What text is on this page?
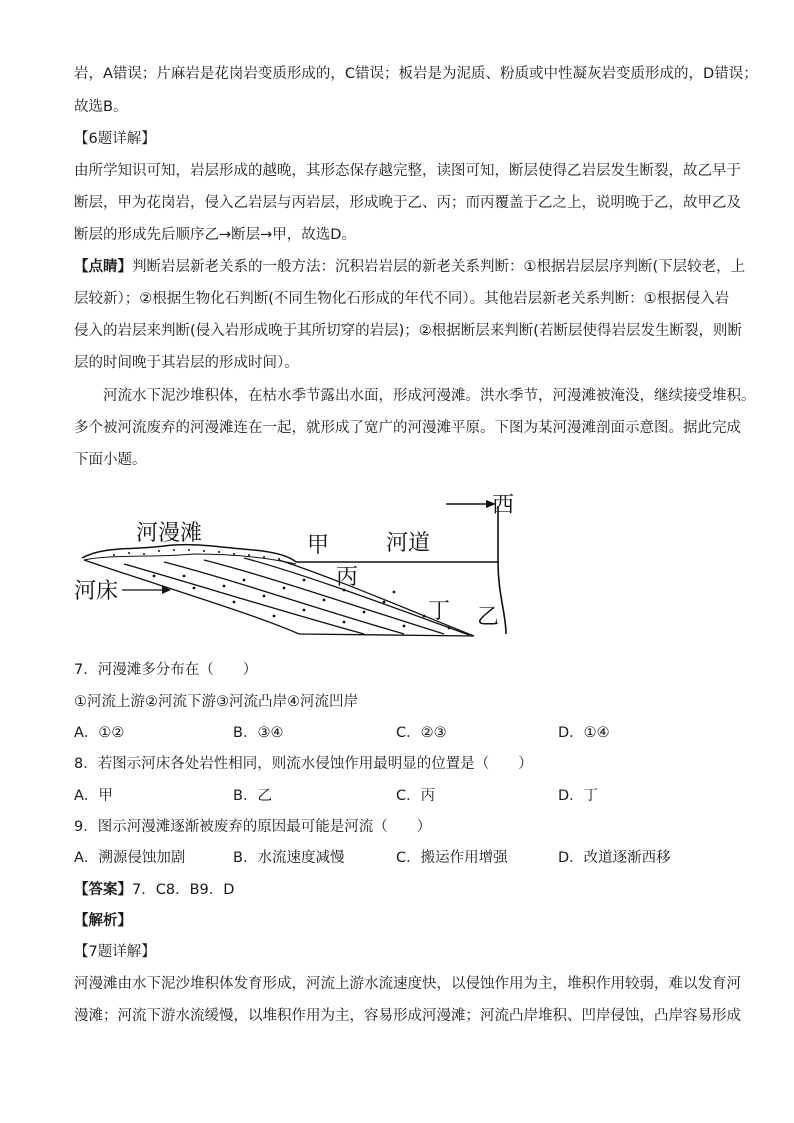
岩，A错误；片麻岩是花岗岩变质形成的，C错误；板岩是为泥质、粉质或中性凝灰岩变质形成的，D错误；
故选B。
【6题详解】
由所学知识可知，岩层形成的越晚，其形态保存越完整，读图可知，断层使得乙岩层发生断裂，故乙早于
断层，甲为花岗岩，侵入乙岩层与丙岩层，形成晚于乙、丙；而丙覆盖于乙之上，说明晚于乙，故甲乙及
断层的形成先后顺序乙→断层→甲，故选D。
【点睛】判断岩层新老关系的一般方法：沉积岩岩层的新老关系判断：①根据岩层层序判断(下层较老，上
层较新）；②根据生物化石判断(不同生物化石形成的年代不同）。其他岩层新老关系判断：①根据侵入岩
侵入的岩层来判断(侵入岩形成晚于其所切穿的岩层)；②根据断层来判断(若断层使得岩层发生断裂，则断
层的时间晚于其岩层的形成时间）。
河流水下泥沙堆积体，在枯水季节露出水面，形成河漫滩。洪水季节，河漫滩被淹没，继续接受堆积。
多个被河流废弃的河漫滩连在一起，就形成了宽广的河漫滩平原。下图为某河漫滩剖面示意图。据此完成
下面小题。
西
河漫滩	甲	河道
丙
河床
丁 乙
7．河漫滩多分布在（　　）
①河流上游②河流下游③河流凸岸④河流凹岸
A．①②	B．③④	C．②③	D．①④
8．若图示河床各处岩性相同，则流水侵蚀作用最明显的位置是（　　）
A．甲	B．乙	C．丙	D．丁
9．图示河漫滩逐渐被废弃的原因最可能是河流（　　）
A．溯源侵蚀加剧	B．水流速度减慢	C．搬运作用增强	D．改道逐渐西移
【答案】7．C8．B9．D
【解析】
【7题详解】
河漫滩由水下泥沙堆积体发育形成，河流上游水流速度快，以侵蚀作用为主，堆积作用较弱，难以发育河
漫滩；河流下游水流缓慢，以堆积作用为主，容易形成河漫滩；河流凸岸堆积、凹岸侵蚀，凸岸容易形成
